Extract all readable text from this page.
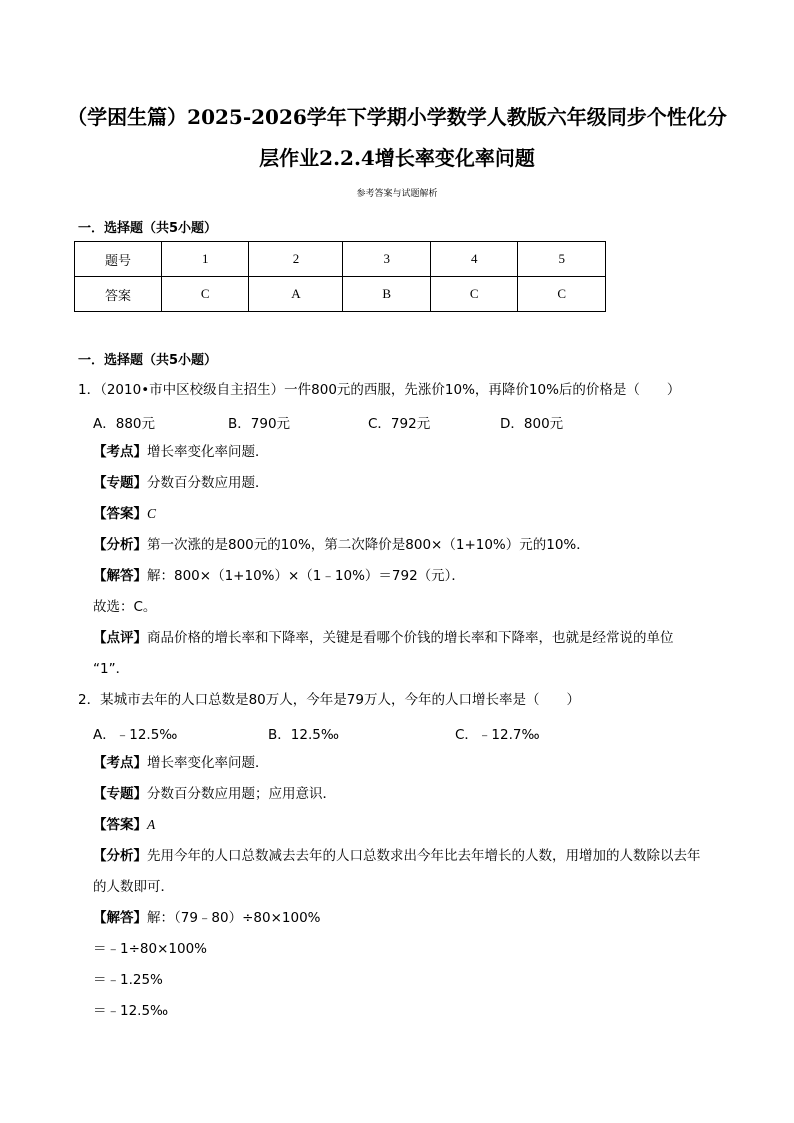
（学困生篇）2025-2026学年下学期小学数学人教版六年级同步个性化分
层作业2.2.4增长率变化率问题
参考答案与试题解析
一．选择题（共5小题）
题号	1	2	3	4	5
答案	C	A	B	C	C
一．选择题（共5小题）
1．（2010•市中区校级自主招生）一件800元的西服，先涨价10%，再降价10%后的价格是（　　）
A．880元	B．790元	C．792元	D．800元
【考点】增长率变化率问题．
【专题】分数百分数应用题．
【答案】C
【分析】第一次涨的是800元的10%，第二次降价是800×（1+10%）元的10%．
【解答】解：800×（1+10%）×（1﹣10%）＝792（元）．
故选：C。
【点评】商品价格的增长率和下降率，关键是看哪个价钱的增长率和下降率，也就是经常说的单位
“1”．
2．某城市去年的人口总数是80万人，今年是79万人，今年的人口增长率是（　　）
A．﹣12.5‰	B．12.5‰	C．﹣12.7‰
【考点】增长率变化率问题．
【专题】分数百分数应用题；应用意识．
【答案】A
【分析】先用今年的人口总数减去去年的人口总数求出今年比去年增长的人数，用增加的人数除以去年
的人数即可．
【解答】解：（79﹣80）÷80×100%
＝﹣1÷80×100%
＝﹣1.25%
＝﹣12.5‰
